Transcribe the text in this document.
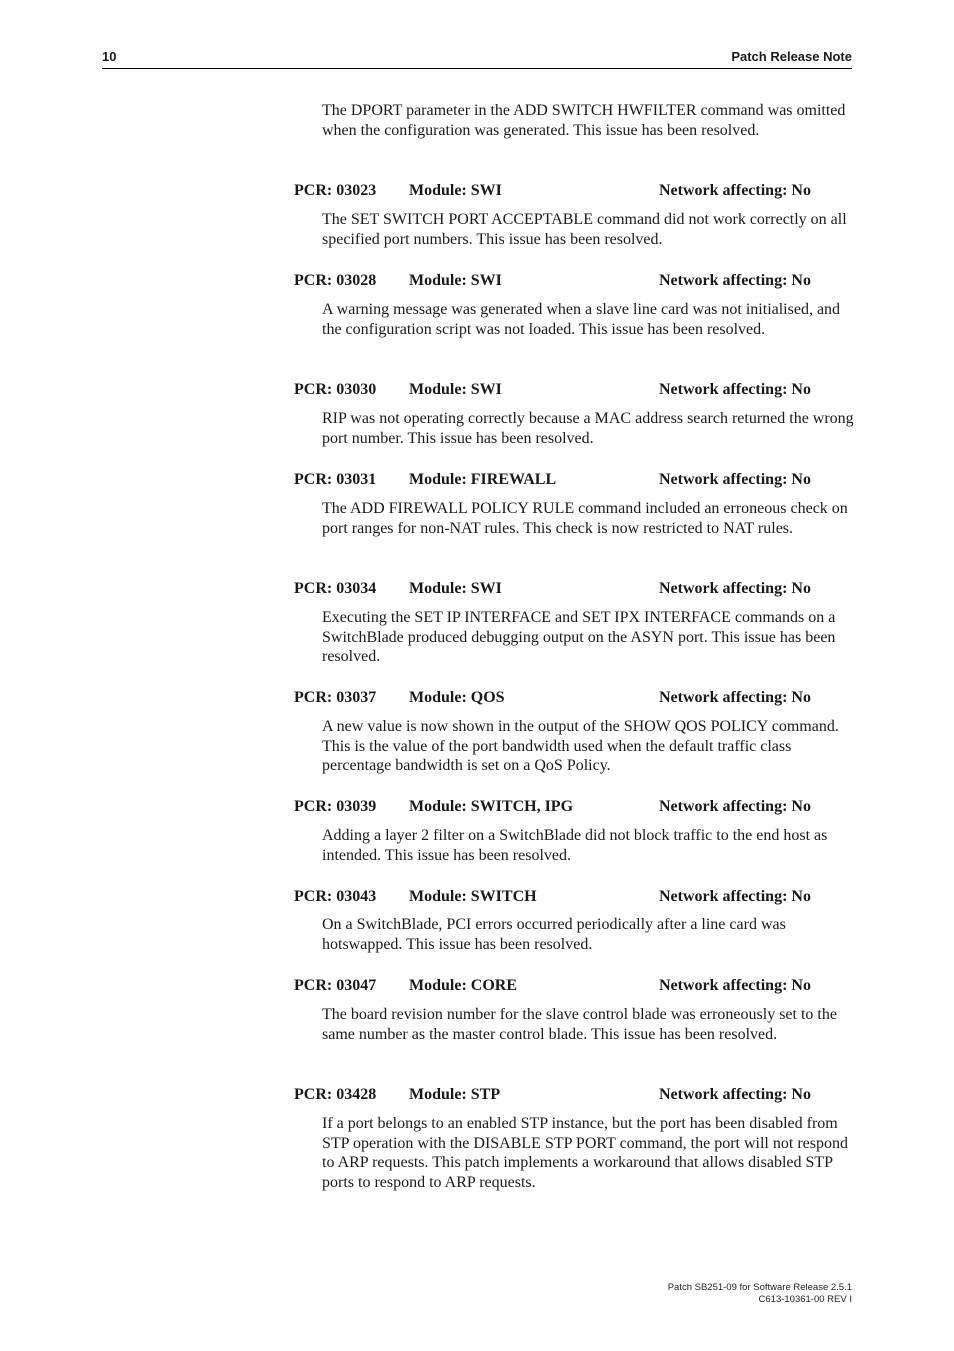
10	Patch Release Note

The DPORT parameter in the ADD SWITCH HWFILTER command was omitted when the configuration was generated. This issue has been resolved.

PCR: 03023 Module: SWI	Network affecting: No

The SET SWITCH PORT ACCEPTABLE command did not work correctly on all specified port numbers. This issue has been resolved.

PCR: 03028 Module: SWI	Network affecting: No

A warning message was generated when a slave line card was not initialised, and the configuration script was not loaded. This issue has been resolved.

PCR: 03030 Module: SWI	Network affecting: No

RIP was not operating correctly because a MAC address search returned the wrong port number. This issue has been resolved.

PCR: 03031 Module: FIREWALL	Network affecting: No

The ADD FIREWALL POLICY RULE command included an erroneous check on port ranges for non-NAT rules. This check is now restricted to NAT rules.

PCR: 03034 Module: SWI	Network affecting: No

Executing the SET IP INTERFACE and SET IPX INTERFACE commands on a SwitchBlade produced debugging output on the ASYN port. This issue has been resolved.

PCR: 03037 Module: QOS	Network affecting: No

A new value is now shown in the output of the SHOW QOS POLICY command. This is the value of the port bandwidth used when the default traffic class percentage bandwidth is set on a QoS Policy.

PCR: 03039 Module: SWITCH, IPG	Network affecting: No

Adding a layer 2 filter on a SwitchBlade did not block traffic to the end host as intended. This issue has been resolved.

PCR: 03043 Module: SWITCH	Network affecting: No

On a SwitchBlade, PCI errors occurred periodically after a line card was hotswapped. This issue has been resolved.

PCR: 03047 Module: CORE	Network affecting: No

The board revision number for the slave control blade was erroneously set to the same number as the master control blade. This issue has been resolved.

PCR: 03428 Module: STP	Network affecting: No

If a port belongs to an enabled STP instance, but the port has been disabled from STP operation with the DISABLE STP PORT command, the port will not respond to ARP requests. This patch implements a workaround that allows disabled STP ports to respond to ARP requests.

Patch SB251-09 for Software Release 2.5.1
C613-10361-00 REV I
